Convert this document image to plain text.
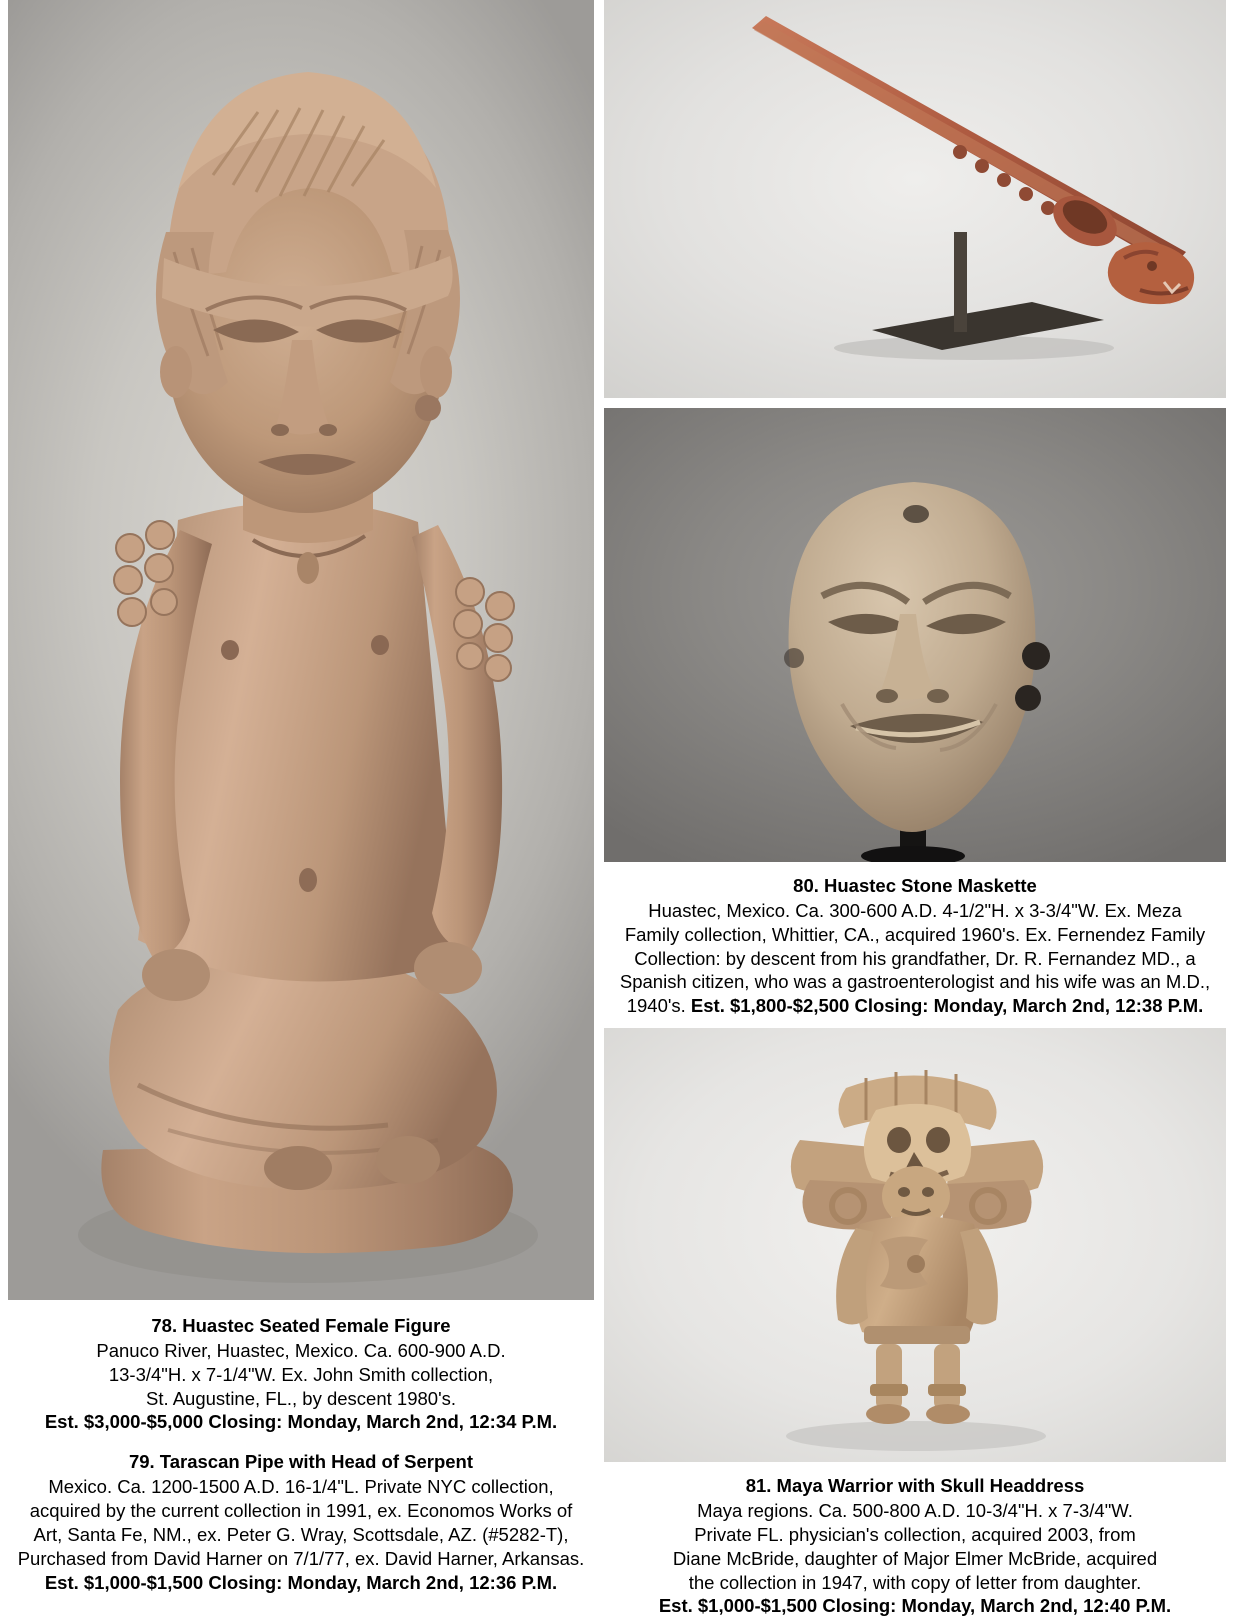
78. Huastec Seated Female Figure
Panuco River, Huastec, Mexico. Ca. 600-900 A.D.
13-3/4"H. x 7-1/4"W. Ex. John Smith collection,
St. Augustine, FL., by descent 1980's.
Est. $3,000-$5,000 Closing: Monday, March 2nd, 12:34 P.M.
79. Tarascan Pipe with Head of Serpent
Mexico. Ca. 1200-1500 A.D. 16-1/4"L. Private NYC collection,
acquired by the current collection in 1991, ex. Economos Works of
Art, Santa Fe, NM., ex. Peter G. Wray, Scottsdale, AZ. (#5282-T),
Purchased from David Harner on 7/1/77, ex. David Harner, Arkansas.
Est. $1,000-$1,500 Closing: Monday, March 2nd, 12:36 P.M.
80. Huastec Stone Maskette
Huastec, Mexico. Ca. 300-600 A.D. 4-1/2"H. x 3-3/4"W. Ex. Meza
Family collection, Whittier, CA., acquired 1960's. Ex. Fernendez Family
Collection: by descent from his grandfather, Dr. R. Fernandez MD., a
Spanish citizen, who was a gastroenterologist and his wife was an M.D.,
1940's. Est. $1,800-$2,500 Closing: Monday, March 2nd, 12:38 P.M.
81. Maya Warrior with Skull Headdress
Maya regions. Ca. 500-800 A.D. 10-3/4"H. x 7-3/4"W.
Private FL. physician's collection, acquired 2003, from
Diane McBride, daughter of Major Elmer McBride, acquired
the collection in 1947, with copy of letter from daughter.
Est. $1,000-$1,500 Closing: Monday, March 2nd, 12:40 P.M.
